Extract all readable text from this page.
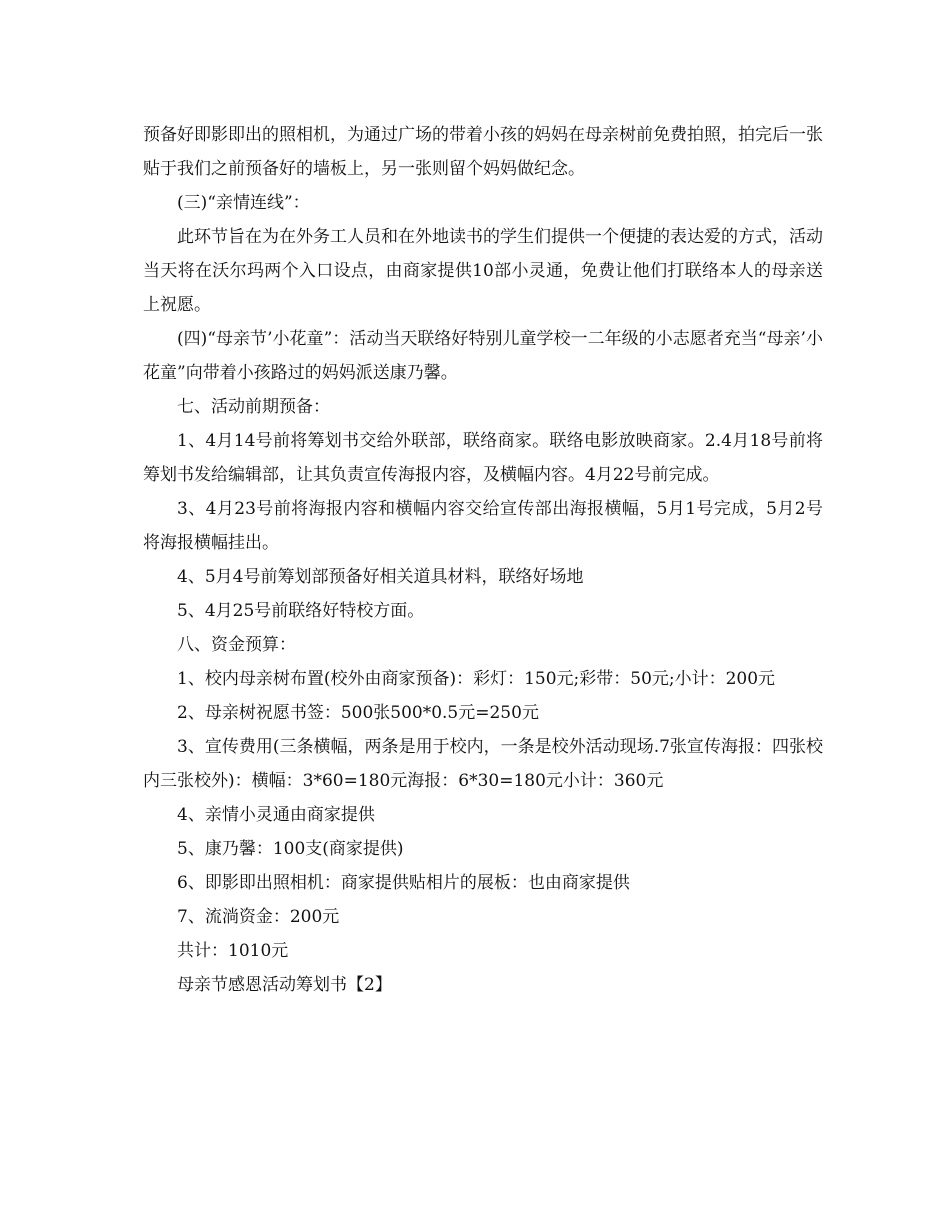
预备好即影即出的照相机，为通过广场的带着小孩的妈妈在母亲树前免费拍照，拍完后一张贴于我们之前预备好的墙板上，另一张则留个妈妈做纪念。

(三)“亲情连线”：

此环节旨在为在外务工人员和在外地读书的学生们提供一个便捷的表达爱的方式，活动当天将在沃尔玛两个入口设点，由商家提供10部小灵通，免费让他们打联络本人的母亲送上祝愿。

(四)“母亲节’小花童”：活动当天联络好特别儿童学校一二年级的小志愿者充当“母亲’小花童”向带着小孩路过的妈妈派送康乃馨。

七、活动前期预备：

1、4月14号前将筹划书交给外联部，联络商家。联络电影放映商家。2.4月18号前将筹划书发给编辑部，让其负责宣传海报内容，及横幅内容。4月22号前完成。

3、4月23号前将海报内容和横幅内容交给宣传部出海报横幅，5月1号完成，5月2号将海报横幅挂出。

4、5月4号前筹划部预备好相关道具材料，联络好场地

5、4月25号前联络好特校方面。

八、资金预算：

1、校内母亲树布置(校外由商家预备)：彩灯：150元;彩带：50元;小计：200元

2、母亲树祝愿书签：500张500*0.5元=250元

3、宣传费用(三条横幅，两条是用于校内，一条是校外活动现场.7张宣传海报：四张校内三张校外)：横幅：3*60=180元海报：6*30=180元小计：360元

4、亲情小灵通由商家提供

5、康乃馨：100支(商家提供)

6、即影即出照相机：商家提供贴相片的展板：也由商家提供

7、流淌资金：200元

共计：1010元

母亲节感恩活动筹划书【2】
